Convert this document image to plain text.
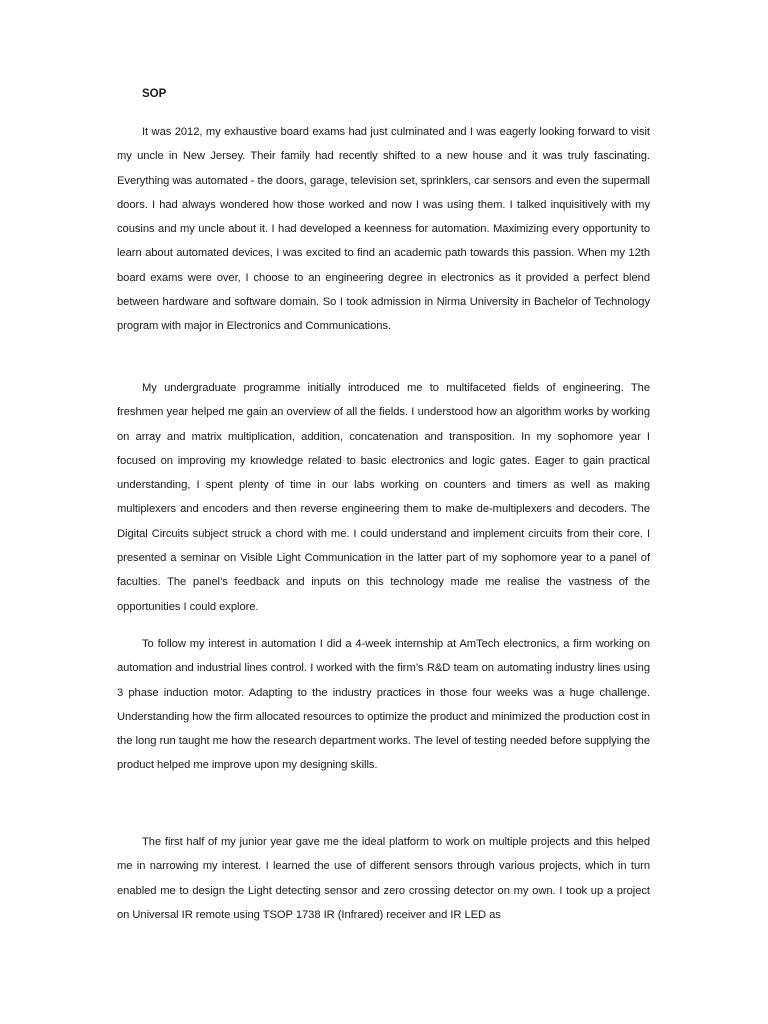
SOP

It was 2012, my exhaustive board exams had just culminated and I was eagerly looking forward to visit my uncle in New Jersey. Their family had recently shifted to a new house and it was truly fascinating. Everything was automated - the doors, garage, television set, sprinklers, car sensors and even the supermall doors. I had always wondered how those worked and now I was using them. I talked inquisitively with my cousins and my uncle about it. I had developed a keenness for automation. Maximizing every opportunity to learn about automated devices, I was excited to find an academic path towards this passion. When my 12th board exams were over, I choose to an engineering degree in electronics as it provided a perfect blend between hardware and software domain. So I took admission in Nirma University in Bachelor of Technology program with major in Electronics and Communications.

My undergraduate programme initially introduced me to multifaceted fields of engineering. The freshmen year helped me gain an overview of all the fields. I understood how an algorithm works by working on array and matrix multiplication, addition, concatenation and transposition. In my sophomore year I focused on improving my knowledge related to basic electronics and logic gates. Eager to gain practical understanding, I spent plenty of time in our labs working on counters and timers as well as making multiplexers and encoders and then reverse engineering them to make de-multiplexers and decoders. The Digital Circuits subject struck a chord with me. I could understand and implement circuits from their core. I presented a seminar on Visible Light Communication in the latter part of my sophomore year to a panel of faculties. The panel’s feedback and inputs on this technology made me realise the vastness of the opportunities I could explore.

To follow my interest in automation I did a 4-week internship at AmTech electronics, a firm working on automation and industrial lines control. I worked with the firm’s R&D team on automating industry lines using 3 phase induction motor. Adapting to the industry practices in those four weeks was a huge challenge. Understanding how the firm allocated resources to optimize the product and minimized the production cost in the long run taught me how the research department works. The level of testing needed before supplying the product helped me improve upon my designing skills.

The first half of my junior year gave me the ideal platform to work on multiple projects and this helped me in narrowing my interest. I learned the use of different sensors through various projects, which in turn enabled me to design the Light detecting sensor and zero crossing detector on my own. I took up a project on Universal IR remote using TSOP 1738 IR (Infrared) receiver and IR LED as
